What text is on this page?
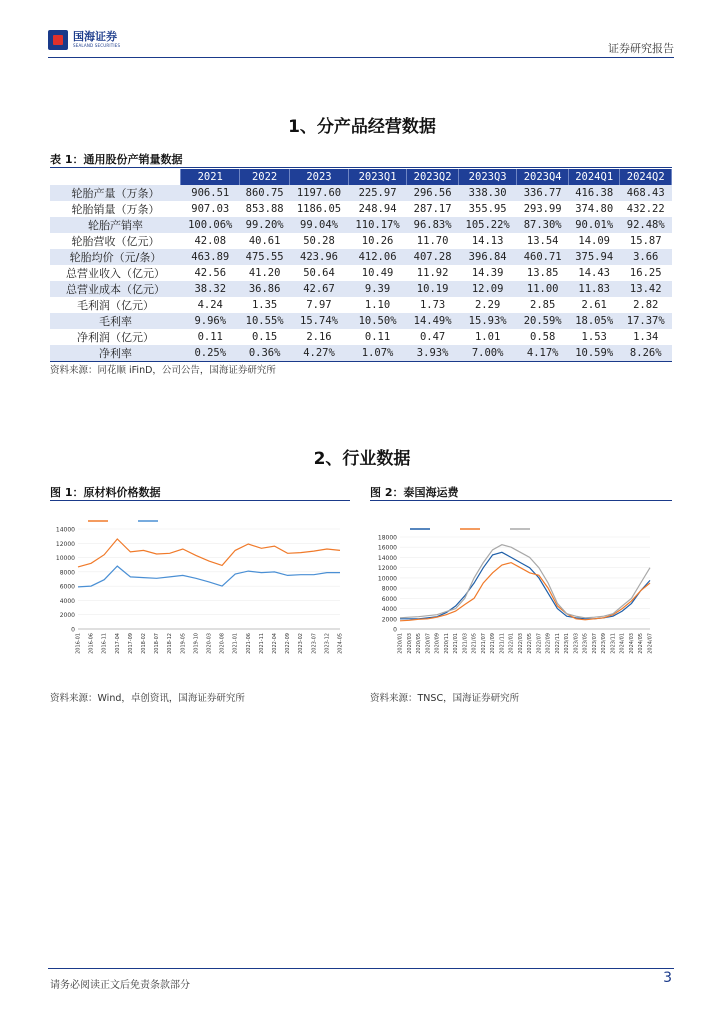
国海证券
SEALAND SECURITIES	证券研究报告
1、分产品经营数据
表 1：通用股份产销量数据
	2021	2022	2023	2023Q1	2023Q2	2023Q3	2023Q4	2024Q1	2024Q2
轮胎产量（万条）	906.51	860.75	1197.60	225.97	296.56	338.30	336.77	416.38	468.43
轮胎销量（万条）	907.03	853.88	1186.05	248.94	287.17	355.95	293.99	374.80	432.22
轮胎产销率	100.06%	99.20%	99.04%	110.17%	96.83%	105.22%	87.30%	90.01%	92.48%
轮胎营收（亿元）	42.08	40.61	50.28	10.26	11.70	14.13	13.54	14.09	15.87
轮胎均价（元/条）	463.89	475.55	423.96	412.06	407.28	396.84	460.71	375.94	3.66
总营业收入（亿元）	42.56	41.20	50.64	10.49	11.92	14.39	13.85	14.43	16.25
总营业成本（亿元）	38.32	36.86	42.67	9.39	10.19	12.09	11.00	11.83	13.42
毛利润（亿元）	4.24	1.35	7.97	1.10	1.73	2.29	2.85	2.61	2.82
毛利率	9.96%	10.55%	15.74%	10.50%	14.49%	15.93%	20.59%	18.05%	17.37%
净利润（亿元）	0.11	0.15	2.16	0.11	0.47	1.01	0.58	1.53	1.34
净利率	0.25%	0.36%	4.27%	1.07%	3.93%	7.00%	4.17%	10.59%	8.26%
资料来源：同花顺 iFinD，公司公告，国海证券研究所
2、行业数据
图 1：原材料价格数据	图 2：泰国海运费
0
2000
4000
6000
8000
10000
12000
14000
2016-01 2016-06 2016-11 2017-04 2017-09 2018-02 2018-07 2018-12 2019-05 2019-10 2020-03 2020-08 2021-01 2021-06 2021-11 2022-04 2022-09 2023-02 2023-07 2023-12 2024-05
0
2000
4000
6000
8000
10000
12000
14000
16000
18000
2020/01 2020/03 2020/05 2020/07 2020/09 2020/11 2021/01 2021/03 2021/05 2021/07 2021/09 2021/11 2022/01 2022/03 2022/05 2022/07 2022/09 2022/11 2023/01 2023/03 2023/05 2023/07 2023/09 2023/11 2024/01 2024/03 2024/05 2024/07
资料来源：Wind，卓创资讯，国海证券研究所	资料来源：TNSC，国海证券研究所
请务必阅读正文后免责条款部分	3
